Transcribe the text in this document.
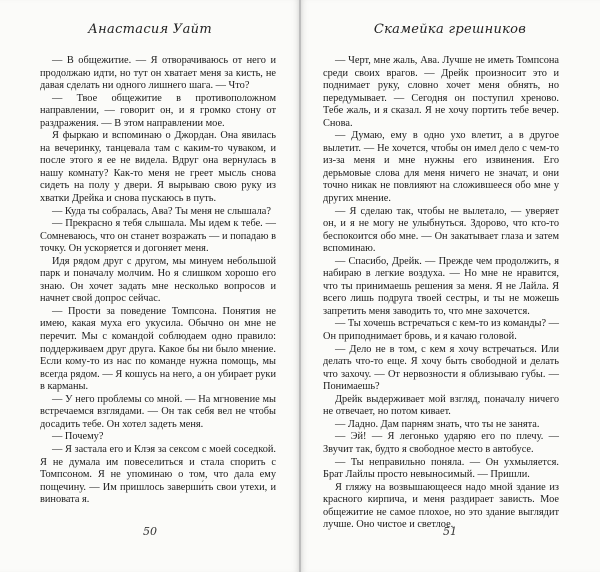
Анастасия Уайт

— В общежитие. — Я отворачиваюсь от него и продолжаю идти, но тут он хватает меня за кисть, не давая сделать ни одного лишнего шага. — Что?

— Твое общежитие в противоположном направлении, — говорит он, и я громко стону от раздражения. — В этом направлении мое.

Я фыркаю и вспоминаю о Джордан. Она явилась на вечеринку, танцевала там с каким-то чуваком, и после этого я ее не видела. Вдруг она вернулась в нашу комнату? Как-то меня не греет мысль снова сидеть на полу у двери. Я вырываю свою руку из хватки Дрейка и снова пускаюсь в путь.

— Куда ты собралась, Ава? Ты меня не слышала?

— Прекрасно я тебя слышала. Мы идем к тебе. — Сомневаюсь, что он станет возражать — и попадаю в точку. Он ускоряется и догоняет меня.

Идя рядом друг с другом, мы минуем небольшой парк и поначалу молчим. Но я слишком хорошо его знаю. Он хочет задать мне несколько вопросов и начнет свой допрос сейчас.

— Прости за поведение Томпсона. Понятия не имею, какая муха его укусила. Обычно он мне не перечит. Мы с командой соблюдаем одно правило: поддерживаем друг друга. Какое бы ни было мнение. Если кому-то из нас по команде нужна помощь, мы всегда рядом. — Я кошусь на него, а он убирает руки в карманы.

— У него проблемы со мной. — На мгновение мы встречаемся взглядами. — Он так себя вел не чтобы досадить тебе. Он хотел задеть меня.

— Почему?

— Я застала его и Клэя за сексом с моей соседкой. Я не думала им повеселиться и стала спорить с Томпсоном. Я не упоминаю о том, что дала ему пощечину. — Им пришлось заверши́ть свои утехи, и виновата я.

50
Скамейка грешников

— Черт, мне жаль, Ава. Лучше не иметь Томпсона среди своих врагов. — Дрейк произносит это и поднимает руку, словно хочет меня обнять, но передумывает. — Сегодня он поступил хреново. Тебе жаль, и я сказал. Я не хочу портить тебе вечер. Снова.

— Думаю, ему в одно ухо влетит, а в другое вылетит. — Не хочется, чтобы он имел дело с чем-то из-за меня и мне нужны его извинения. Его дерьмовые слова для меня ничего не значат, и они точно никак не повлияют на сложившееся обо мне у других мнение.

— Я сделаю так, чтобы не вылетало, — уверяет он, и я не могу не улыбнуться. Здорово, что кто-то беспокоится обо мне. — Он закатывает глаза и затем вспоминаю.

— Спасибо, Дрейк. — Прежде чем продолжить, я набираю в легкие воздуха. — Но мне не нравится, что ты принимаешь решения за меня. Я не Лайла. Я всего лишь подруга твоей сестры, и ты не можешь запретить меня заводить то, что мне захочется.

— Ты хочешь встречаться с кем-то из команды? — Он приподнимает бровь, и я качаю головой.

— Дело не в том, с кем я хочу встречаться. Или делать что-то еще. Я хочу быть свободной и делать что захочу. — От нервозности я облизываю губы. — Понимаешь?

Дрейк выдерживает мой взгляд, поначалу ничего не отвечает, но потом кивает.

— Ладно. Дам парням знать, что ты не занята.

— Эй! — Я легонько ударяю его по плечу. — Звучит так, будто я свободное место в автобусе.

— Ты неправильно поняла. — Он ухмыляется. Брат Лайлы просто невыносимый. — Пришли.

Я гляжу на возвышающееся надо мной здание из красного кирпича, и меня раздирает зависть. Мое общежитие не самое плохое, но это здание выглядит лучше. Оно чистое и светлое.

51
